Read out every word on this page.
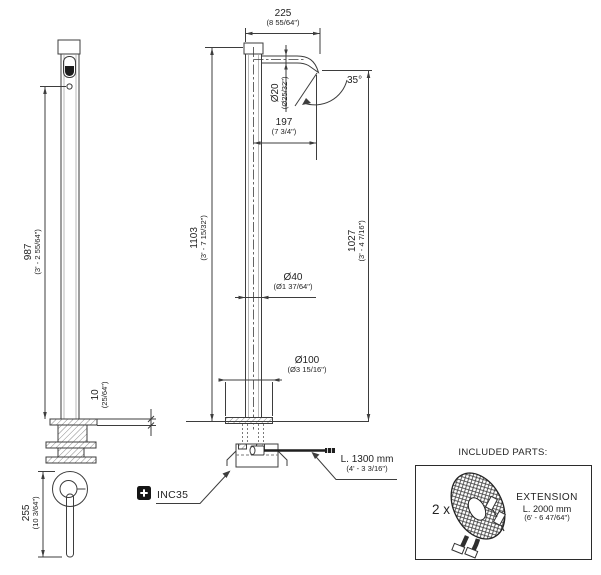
225
(8 55/64")
Ø20 (Ø25/32")
197
(7 3/4")
35°
1103 (3' - 7 15/32")	1027 (3' - 4 7/16")
987 (3' - 2 55/64")
10 (25/64")
Ø40
(Ø1 37/64")
Ø100
(Ø3 15/16")
255 (10 3/64")
L. 1300 mm
(4' - 3 3/16")
INC35
INCLUDED PARTS:
2 x
EXTENSION
L. 2000 mm
(6' - 6 47/64")
